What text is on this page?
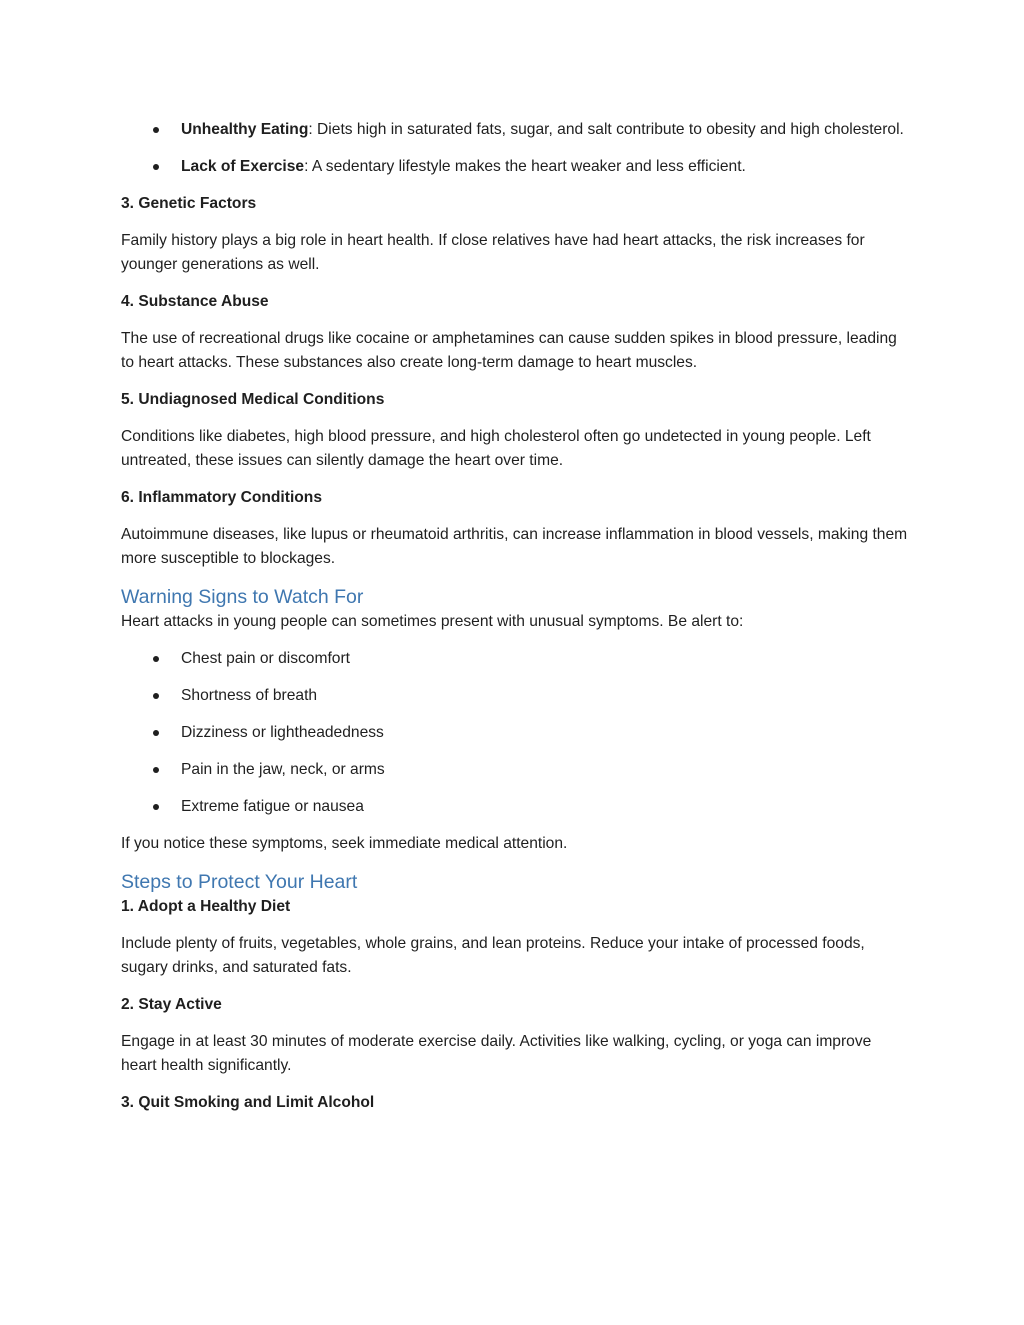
Unhealthy Eating: Diets high in saturated fats, sugar, and salt contribute to obesity and high cholesterol.
Lack of Exercise: A sedentary lifestyle makes the heart weaker and less efficient.

3. Genetic Factors

Family history plays a big role in heart health. If close relatives have had heart attacks, the risk increases for younger generations as well.

4. Substance Abuse

The use of recreational drugs like cocaine or amphetamines can cause sudden spikes in blood pressure, leading to heart attacks. These substances also create long-term damage to heart muscles.

5. Undiagnosed Medical Conditions

Conditions like diabetes, high blood pressure, and high cholesterol often go undetected in young people. Left untreated, these issues can silently damage the heart over time.

6. Inflammatory Conditions

Autoimmune diseases, like lupus or rheumatoid arthritis, can increase inflammation in blood vessels, making them more susceptible to blockages.

Warning Signs to Watch For

Heart attacks in young people can sometimes present with unusual symptoms. Be alert to:

Chest pain or discomfort
Shortness of breath
Dizziness or lightheadedness
Pain in the jaw, neck, or arms
Extreme fatigue or nausea

If you notice these symptoms, seek immediate medical attention.

Steps to Protect Your Heart

1. Adopt a Healthy Diet

Include plenty of fruits, vegetables, whole grains, and lean proteins. Reduce your intake of processed foods, sugary drinks, and saturated fats.

2. Stay Active

Engage in at least 30 minutes of moderate exercise daily. Activities like walking, cycling, or yoga can improve heart health significantly.

3. Quit Smoking and Limit Alcohol
